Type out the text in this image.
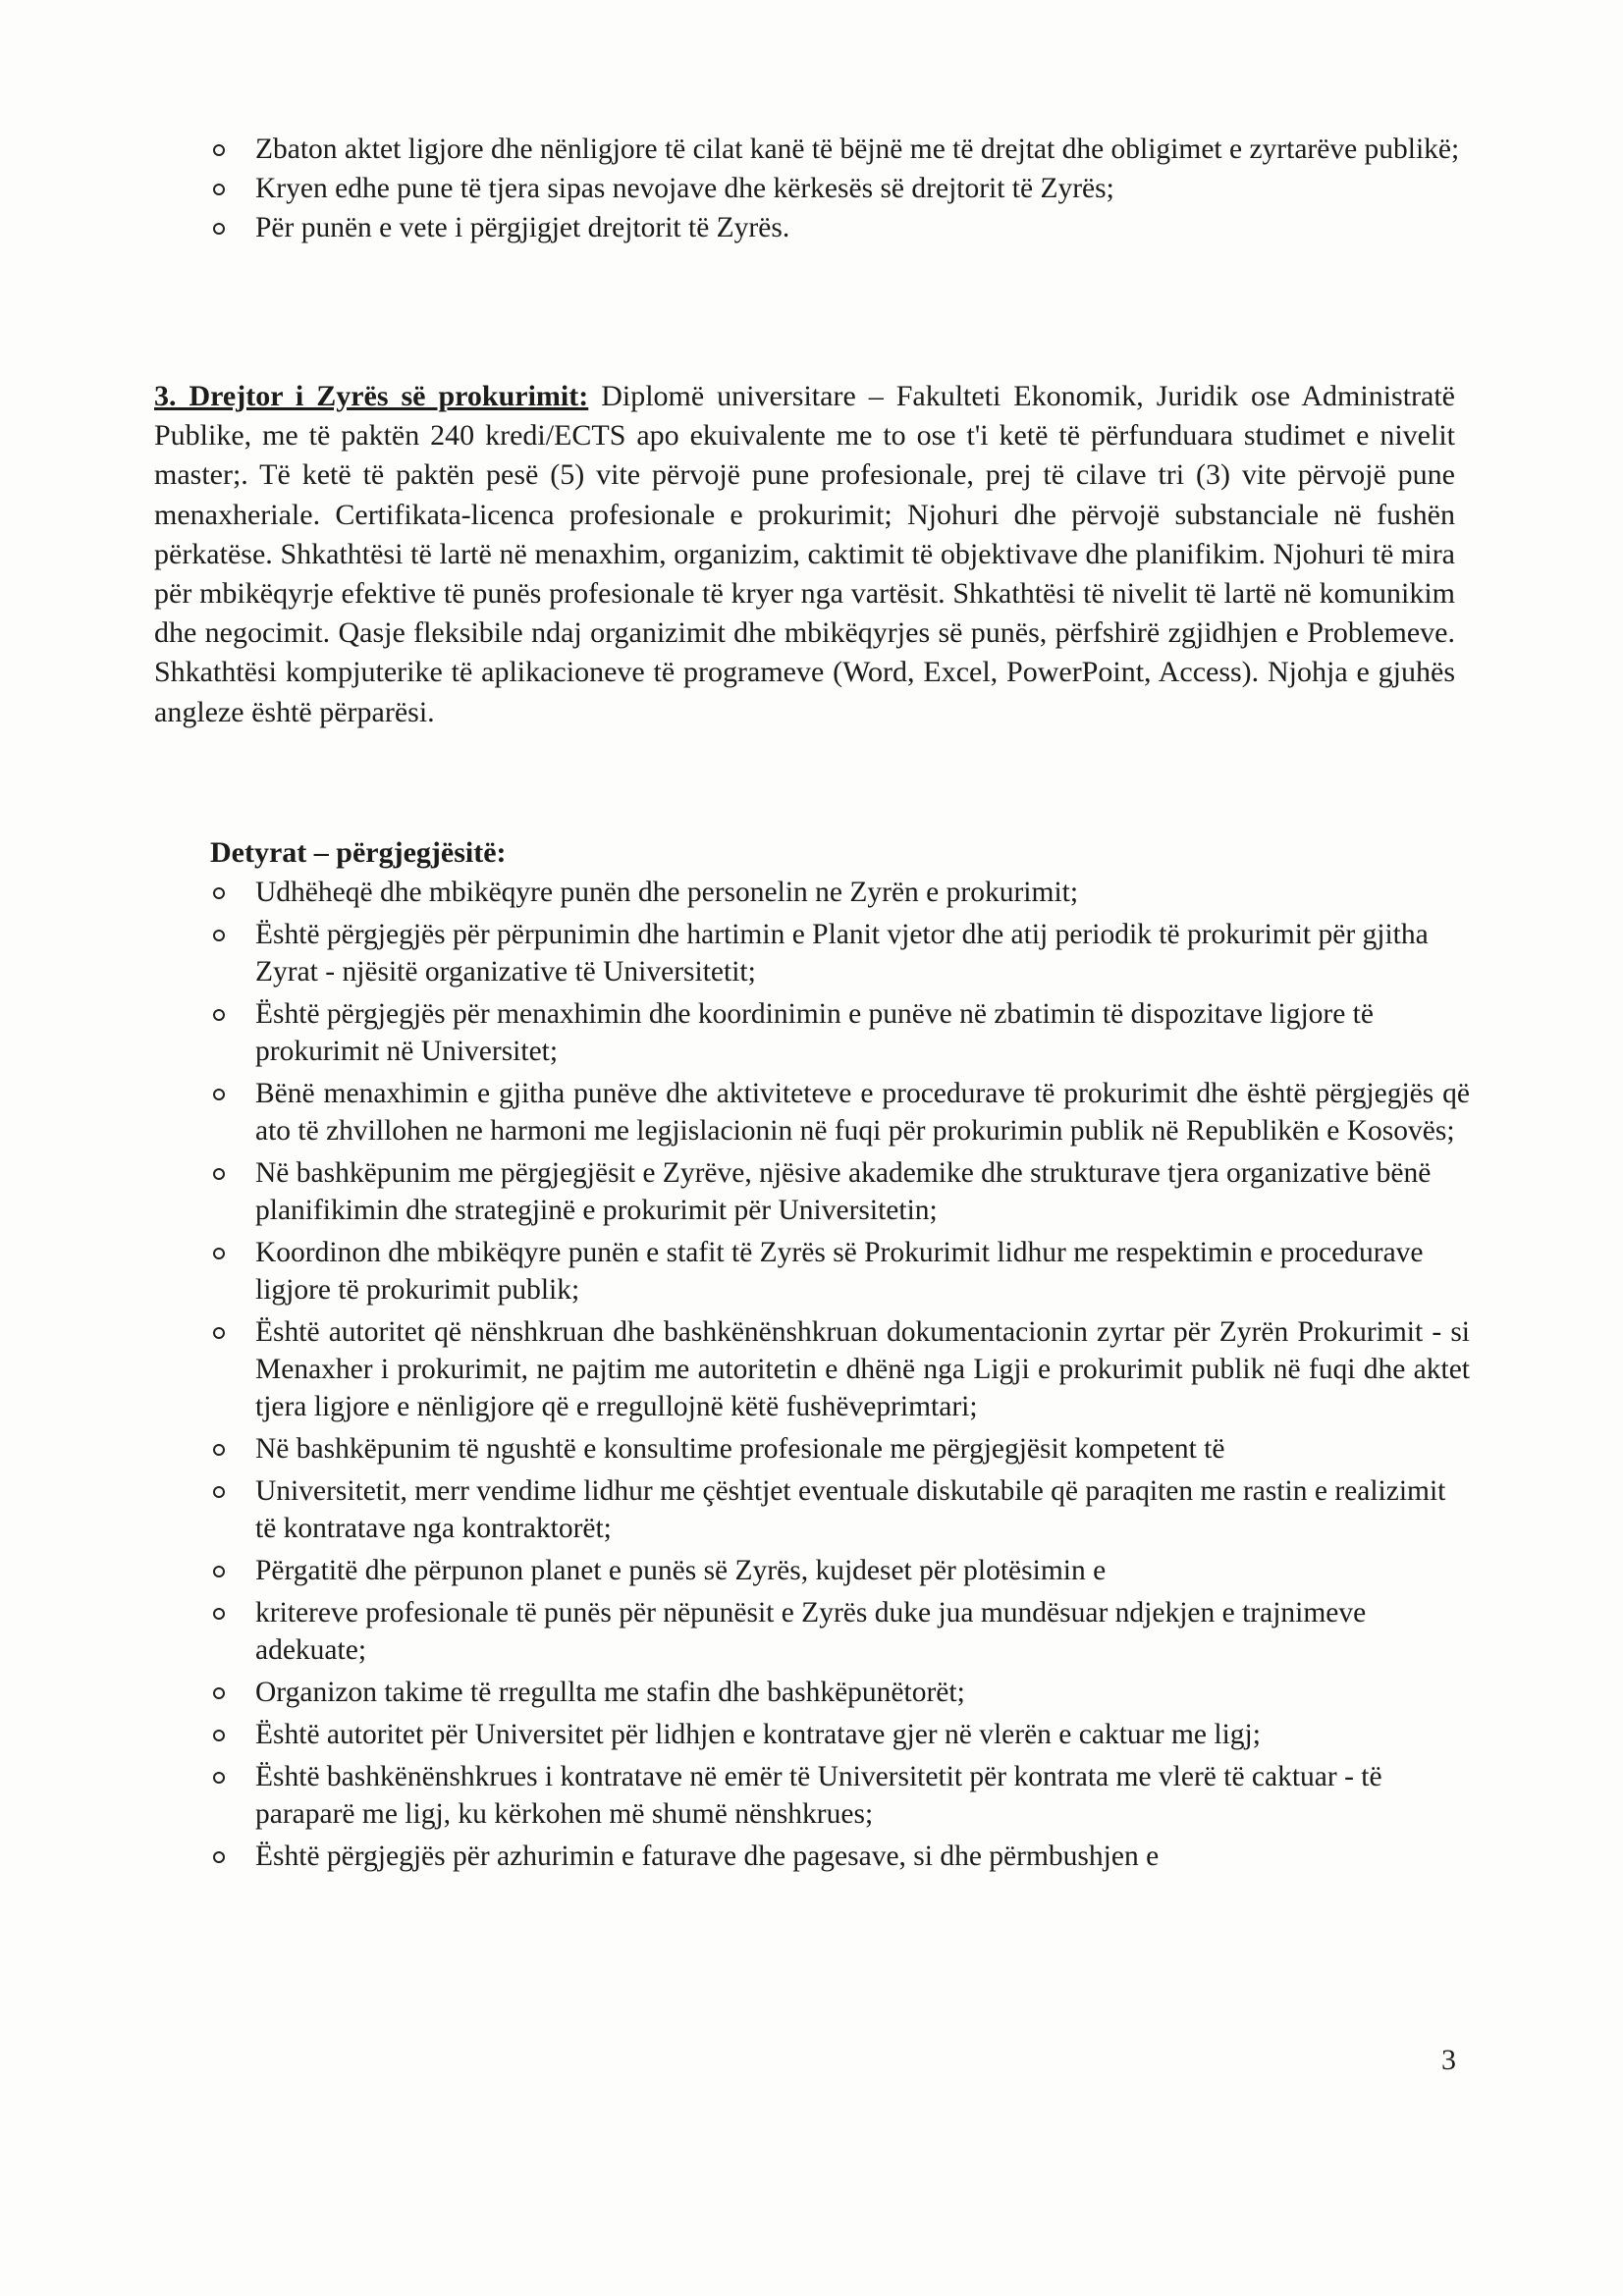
Zbaton aktet ligjore dhe nënligjore të cilat kanë të bëjnë me të drejtat dhe obligimet e zyrtarëve publikë;
Kryen edhe pune të tjera sipas nevojave dhe kërkesës së drejtorit të Zyrës;
Për punën e vete i përgjigjet drejtorit të Zyrës.

3. Drejtor i Zyrës së prokurimit: Diplomë universitare – Fakulteti Ekonomik, Juridik ose Administratë Publike, me të paktën 240 kredi/ECTS apo ekuivalente me to ose t'i ketë të përfunduara studimet e nivelit master;. Të ketë të paktën pesë (5) vite përvojë pune profesionale, prej të cilave tri (3) vite përvojë pune menaxheriale. Certifikata-licenca profesionale e prokurimit; Njohuri dhe përvojë substanciale në fushën përkatëse. Shkathtësi të lartë në menaxhim, organizim, caktimit të objektivave dhe planifikim. Njohuri të mira për mbikëqyrje efektive të punës profesionale të kryer nga vartësit. Shkathtësi të nivelit të lartë në komunikim dhe negocimit. Qasje fleksibile ndaj organizimit dhe mbikëqyrjes së punës, përfshirë zgjidhjen e Problemeve. Shkathtësi kompjuterike të aplikacioneve të programeve (Word, Excel, PowerPoint, Access). Njohja e gjuhës angleze është përparësi.

Detyrat – përgjegjësitë:

Udhëheqë dhe mbikëqyre punën dhe personelin ne Zyrën e prokurimit;
Është përgjegjës për përpunimin dhe hartimin e Planit vjetor dhe atij periodik të prokurimit për gjitha Zyrat - njësitë organizative të Universitetit;
Është përgjegjës për menaxhimin dhe koordinimin e punëve në zbatimin të dispozitave ligjore të prokurimit në Universitet;
Bënë menaxhimin e gjitha punëve dhe aktiviteteve e procedurave të prokurimit dhe është përgjegjës që ato të zhvillohen ne harmoni me legjislacionin në fuqi për prokurimin publik në Republikën e Kosovës;
Në bashkëpunim me përgjegjësit e Zyrëve, njësive akademike dhe strukturave tjera organizative bënë planifikimin dhe strategjinë e prokurimit për Universitetin;
Koordinon dhe mbikëqyre punën e stafit të Zyrës së Prokurimit lidhur me respektimin e procedurave ligjore të prokurimit publik;
Është autoritet që nënshkruan dhe bashkënënshkruan dokumentacionin zyrtar për Zyrën Prokurimit - si Menaxher i prokurimit, ne pajtim me autoritetin e dhënë nga Ligji e prokurimit publik në fuqi dhe aktet tjera ligjore e nënligjore që e rregullojnë këtë fushëveprimtari;
Në bashkëpunim të ngushtë e konsultime profesionale me përgjegjësit kompetent të
Universitetit, merr vendime lidhur me çështjet eventuale diskutabile që paraqiten me rastin e realizimit të kontratave nga kontraktorët;
Përgatitë dhe përpunon planet e punës së Zyrës, kujdeset për plotësimin e
kritereve profesionale të punës për nëpunësit e Zyrës duke jua mundësuar ndjekjen e trajnimeve adekuate;
Organizon takime të rregullta me stafin dhe bashkëpunëtorët;
Është autoritet për Universitet për lidhjen e kontratave gjer në vlerën e caktuar me ligj;
Është bashkënënshkrues i kontratave në emër të Universitetit për kontrata me vlerë të caktuar - të paraparë me ligj, ku kërkohen më shumë nënshkrues;
Është përgjegjës për azhurimin e faturave dhe pagesave, si dhe përmbushjen e
3
